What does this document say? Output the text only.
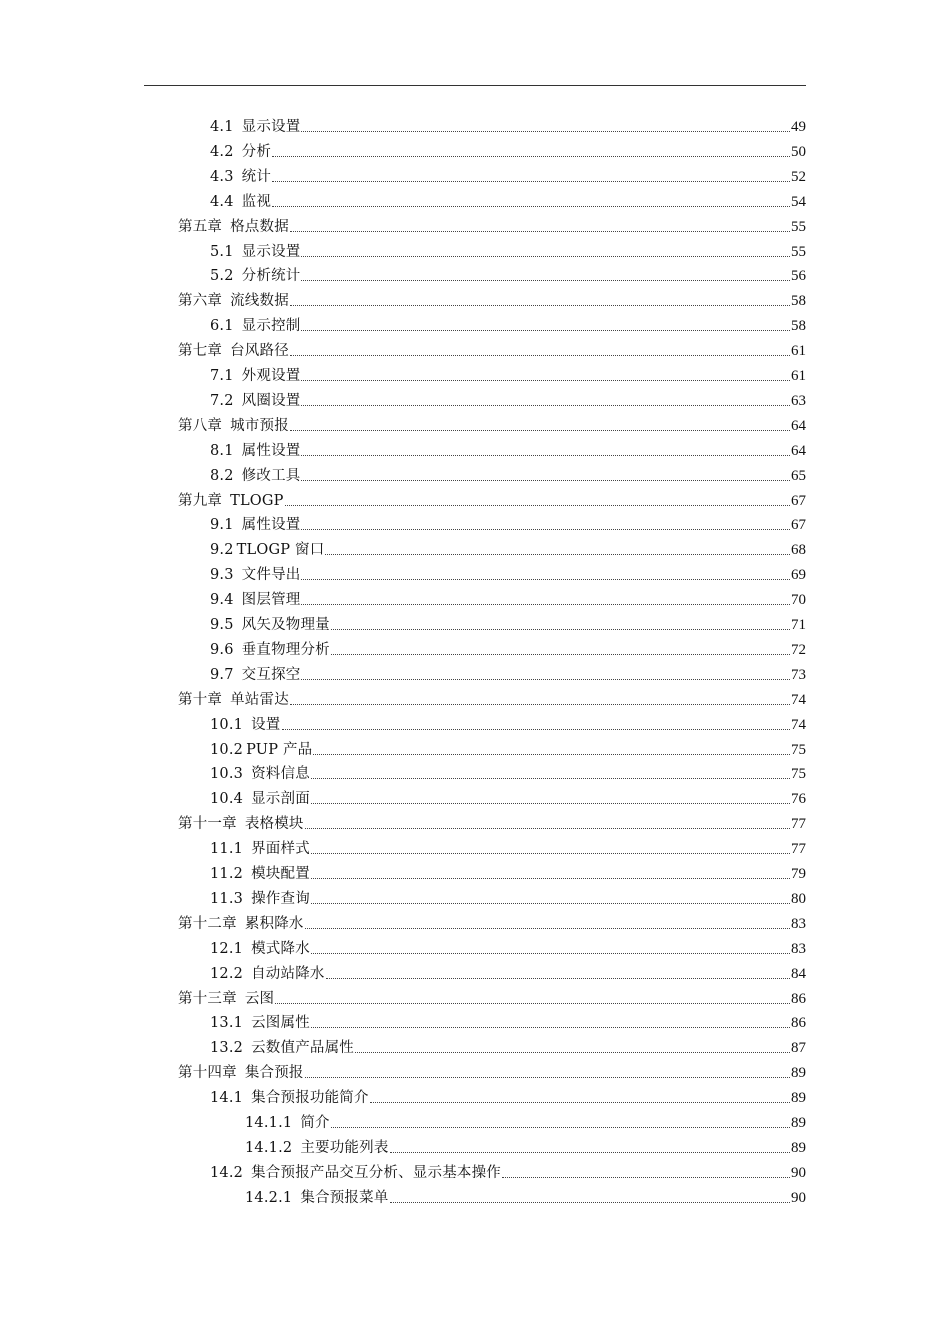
4.1 显示设置	49
4.2 分析	50
4.3 统计	52
4.4 监视	54
第五章 格点数据	55
5.1 显示设置	55
5.2 分析统计	56
第六章 流线数据	58
6.1 显示控制	58
第七章 台风路径	61
7.1 外观设置	61
7.2 风圈设置	63
第八章 城市预报	64
8.1 属性设置	64
8.2 修改工具	65
第九章 TLOGP	67
9.1 属性设置	67
9.2 TLOGP 窗口	68
9.3 文件导出	69
9.4 图层管理	70
9.5 风矢及物理量	71
9.6 垂直物理分析	72
9.7 交互探空	73
第十章 单站雷达	74
10.1 设置	74
10.2 PUP 产品	75
10.3 资料信息	75
10.4 显示剖面	76
第十一章 表格模块	77
11.1 界面样式	77
11.2 模块配置	79
11.3 操作查询	80
第十二章 累积降水	83
12.1 模式降水	83
12.2 自动站降水	84
第十三章 云图	86
13.1 云图属性	86
13.2 云数值产品属性	87
第十四章 集合预报	89
14.1 集合预报功能简介	89
14.1.1 简介	89
14.1.2 主要功能列表	89
14.2 集合预报产品交互分析、显示基本操作	90
14.2.1 集合预报菜单	90
